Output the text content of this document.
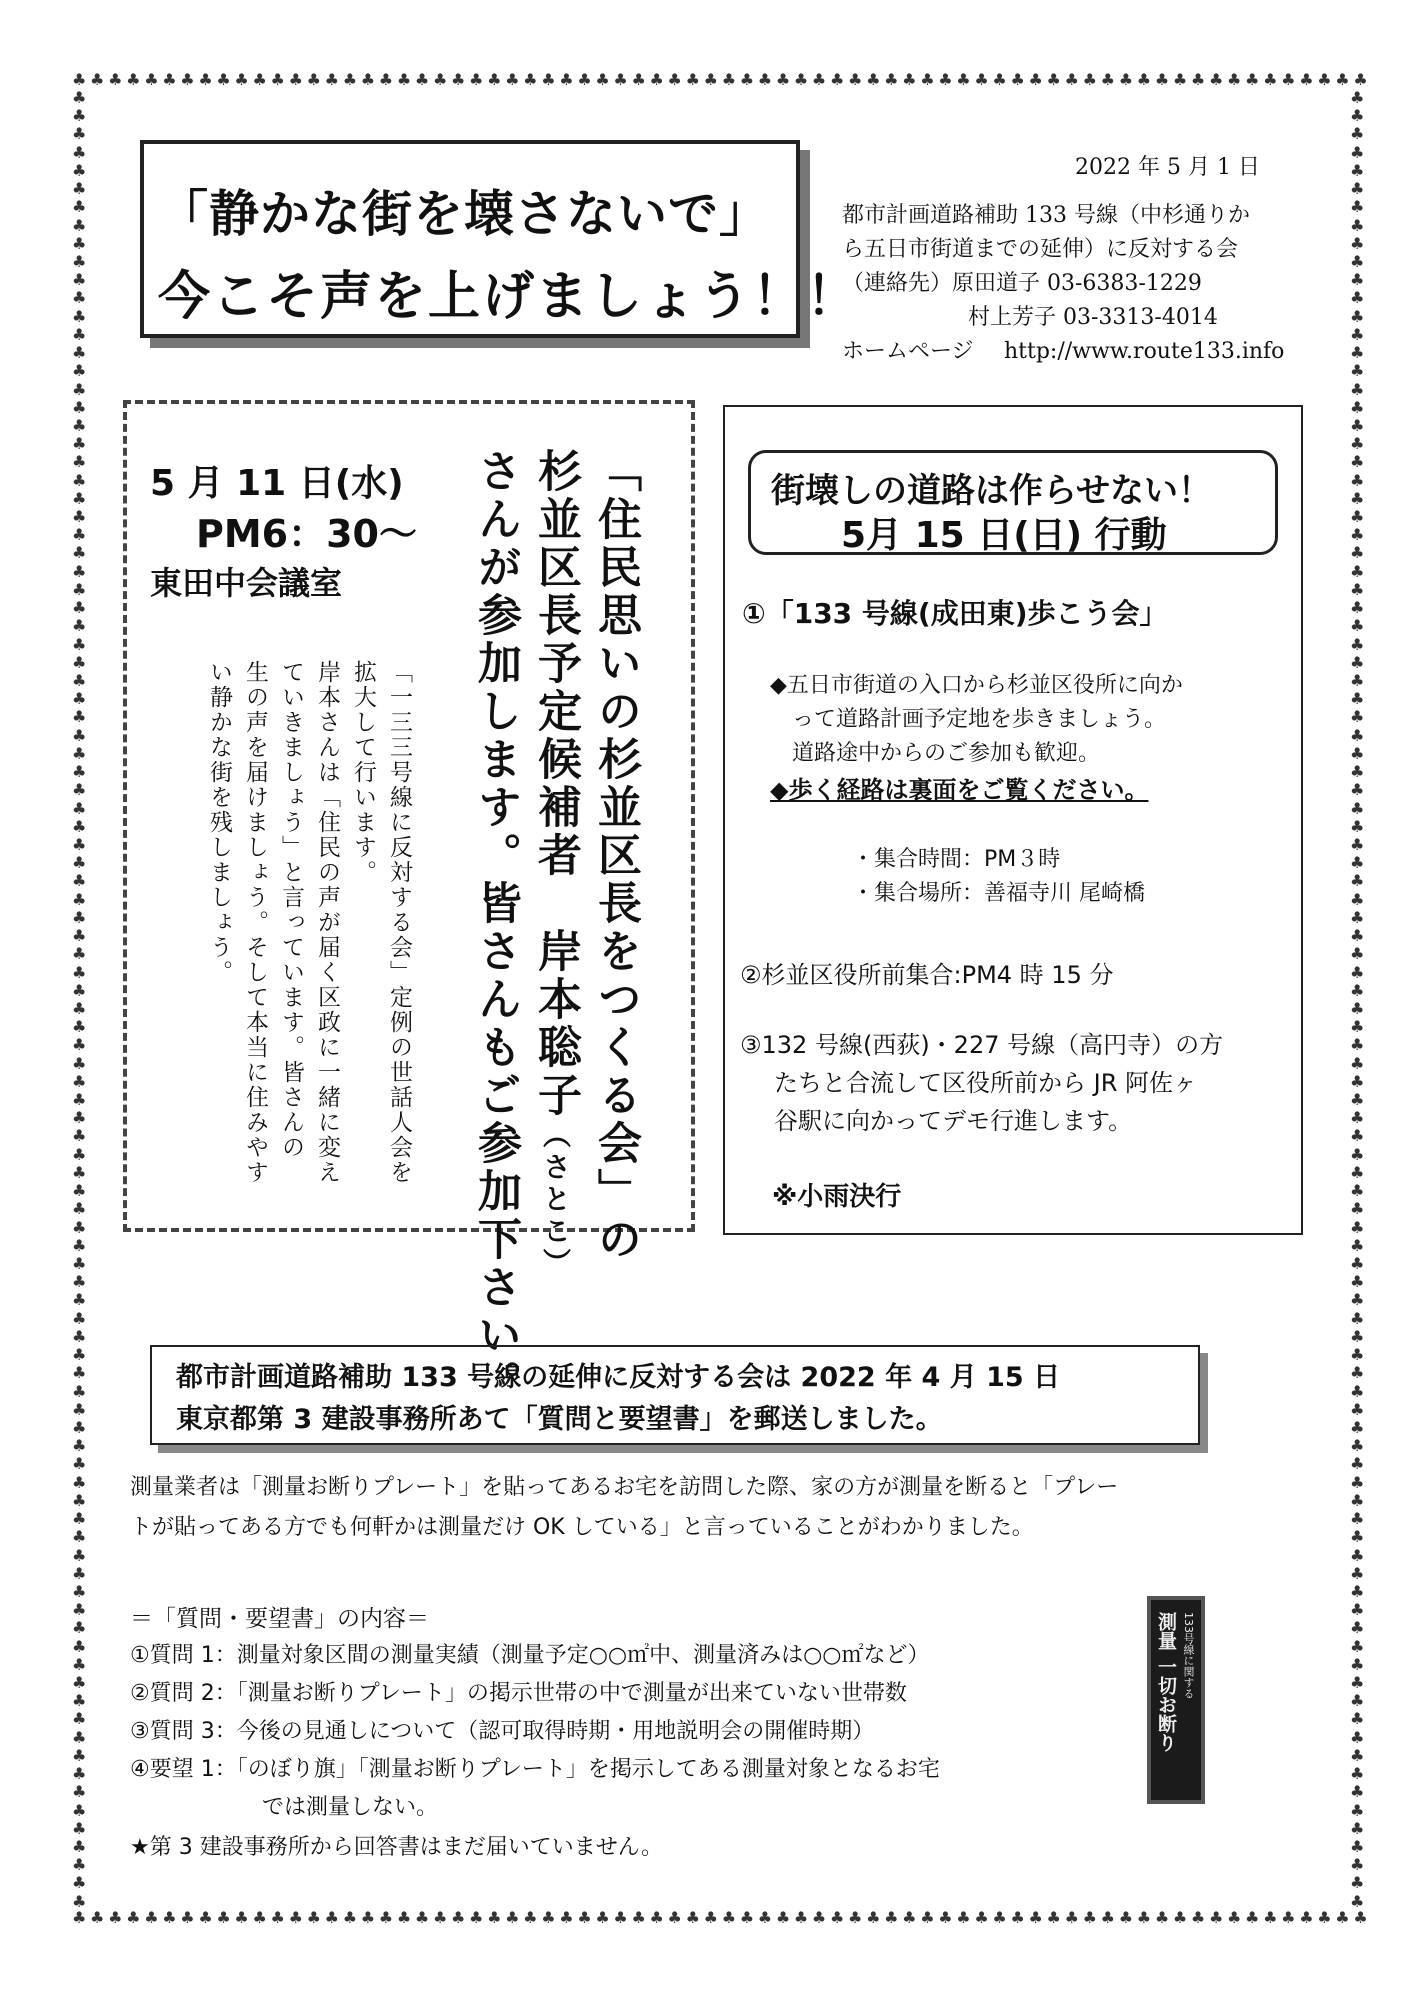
♣ ♣ ♣ ♣ ♣ ♣ ♣ ♣ ♣ ♣ ♣ ♣ ♣ ♣ ♣ ♣ ♣ ♣ ♣ ♣ ♣ ♣ ♣ ♣ ♣ ♣ ♣ ♣ ♣ ♣ ♣ ♣ ♣ ♣ ♣ ♣ ♣ ♣ ♣ ♣ ♣ ♣ ♣ ♣ ♣ ♣ ♣ ♣ ♣ ♣ ♣ ♣ ♣ ♣ ♣ ♣ ♣ ♣ ♣ ♣ ♣ ♣ ♣ ♣ ♣ ♣ ♣ ♣ ♣ ♣ ♣ ♣
♣ ♣ ♣ ♣ ♣ ♣ ♣ ♣ ♣ ♣ ♣ ♣ ♣ ♣ ♣ ♣ ♣ ♣ ♣ ♣ ♣ ♣ ♣ ♣ ♣ ♣ ♣ ♣ ♣ ♣ ♣ ♣ ♣ ♣ ♣ ♣ ♣ ♣ ♣ ♣ ♣ ♣ ♣ ♣ ♣ ♣ ♣ ♣ ♣ ♣ ♣ ♣ ♣ ♣ ♣ ♣ ♣ ♣ ♣ ♣ ♣ ♣ ♣ ♣ ♣ ♣ ♣ ♣ ♣ ♣ ♣ ♣
♣
♣
♣
♣
♣
♣
♣
♣
♣
♣
♣
♣
♣
♣
♣
♣
♣
♣
♣
♣
♣
♣
♣
♣
♣
♣
♣
♣
♣
♣
♣
♣
♣
♣
♣
♣
♣
♣
♣
♣
♣
♣
♣
♣
♣
♣
♣
♣
♣
♣
♣
♣
♣
♣
♣
♣
♣
♣
♣
♣
♣
♣
♣
♣
♣
♣
♣
♣
♣
♣
♣
♣
♣
♣
♣
♣
♣
♣
♣
♣
♣
♣
♣
♣
♣
♣
♣
♣
♣
♣
♣
♣
♣
♣
♣
♣
♣
♣
♣
♣
♣
♣
♣
♣
♣
♣
♣
♣
♣
♣
♣
♣
♣
♣
♣
♣
♣
♣
♣
♣
♣
♣
♣
♣
♣
♣
♣
♣
♣
♣
♣
♣
♣
♣
♣
♣
♣
♣
♣
♣
♣
♣
♣
♣
♣
♣
♣
♣
♣
♣
♣
♣
♣
♣
♣
♣
♣
♣
♣
♣
♣
♣
♣
♣
♣
♣
♣
♣
♣
♣
♣
♣
♣
♣
♣
♣
♣
♣
♣
♣
♣
♣
♣
♣
♣
♣
♣
♣
♣
♣
♣
♣
♣
♣
♣
♣
♣
♣
♣
♣
「静かな街を壊さないで」
今こそ声を上げましょう！！
2022 年 5 月 1 日
都市計画道路補助 133 号線（中杉通りか
ら五日市街道までの延伸）に反対する会
（連絡先）原田道子 03-6383-1229
村上芳子 03-3313-4014
ホームページ http://www.route133.info
「住民思いの杉並区長をつくる会」の
杉並区長予定候補者　岸本聡子（さとこ）
さんが参加します。皆さんもご参加下さい。
5 月 11 日(水)
PM6：30～
東田中会議室
「一三三号線に反対する会」定例の世話人会を
拡大して行います。
岸本さんは「住民の声が届く区政に一緒に変え
ていきましょう」と言っています。皆さんの
生の声を届けましょう。そして本当に住みやす
い静かな街を残しましょう。
街壊しの道路は作らせない！
5月 15 日(日) 行動
①「133 号線(成田東)歩こう会」
◆五日市街道の入口から杉並区役所に向か
って道路計画予定地を歩きましょう。
道路途中からのご参加も歓迎。
◆歩く経路は裏面をご覧ください。
・集合時間：PM３時
・集合場所：善福寺川 尾崎橋
②杉並区役所前集合:PM4 時 15 分
③132 号線(西荻)・227 号線（高円寺）の方
たちと合流して区役所前から JR 阿佐ヶ
谷駅に向かってデモ行進します。
※小雨決行
都市計画道路補助 133 号線の延伸に反対する会は 2022 年 4 月 15 日
東京都第 3 建設事務所あて「質問と要望書」を郵送しました。
測量業者は「測量お断りプレート」を貼ってあるお宅を訪問した際、家の方が測量を断ると「プレー
トが貼ってある方でも何軒かは測量だけ OK している」と言っていることがわかりました。
＝「質問・要望書」の内容＝
①質問 1：測量対象区間の測量実績（測量予定○○㎡中、測量済みは○○㎡など）
②質問 2：「測量お断りプレート」の掲示世帯の中で測量が出来ていない世帯数
③質問 3：今後の見通しについて（認可取得時期・用地説明会の開催時期）
④要望 1：「のぼり旗」「測量お断りプレート」を掲示してある測量対象となるお宅
では測量しない。
★第 3 建設事務所から回答書はまだ届いていません。
133号線に関する
測量 一切お断り
